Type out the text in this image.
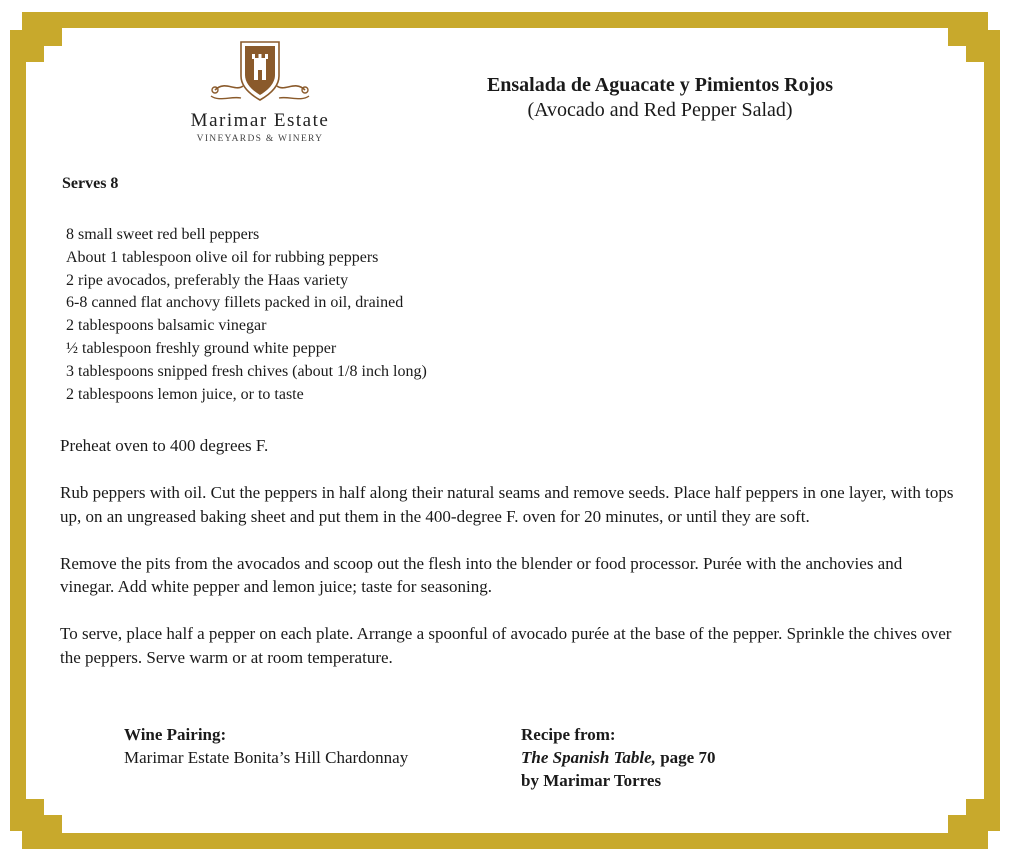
Marimar Estate
VINEYARDS & WINERY
Ensalada de Aguacate y Pimientos Rojos
(Avocado and Red Pepper Salad)
Serves 8
8 small sweet red bell peppers
About 1 tablespoon olive oil for rubbing peppers
2 ripe avocados, preferably the Haas variety
6-8 canned flat anchovy fillets packed in oil, drained
2 tablespoons balsamic vinegar
½ tablespoon freshly ground white pepper
3 tablespoons snipped fresh chives (about 1/8 inch long)
2 tablespoons lemon juice, or to taste

Preheat oven to 400 degrees F.

Rub peppers with oil. Cut the peppers in half along their natural seams and remove seeds. Place half peppers in one layer, with tops up, on an ungreased baking sheet and put them in the 400-degree F. oven for 20 minutes, or until they are soft.

Remove the pits from the avocados and scoop out the flesh into the blender or food processor. Purée with the anchovies and vinegar. Add white pepper and lemon juice; taste for seasoning.

To serve, place half a pepper on each plate. Arrange a spoonful of avocado purée at the base of the pepper. Sprinkle the chives over the peppers. Serve warm or at room temperature.

Wine Pairing:
Marimar Estate Bonita’s Hill Chardonnay
Recipe from:
The Spanish Table, page 70
by Marimar Torres
